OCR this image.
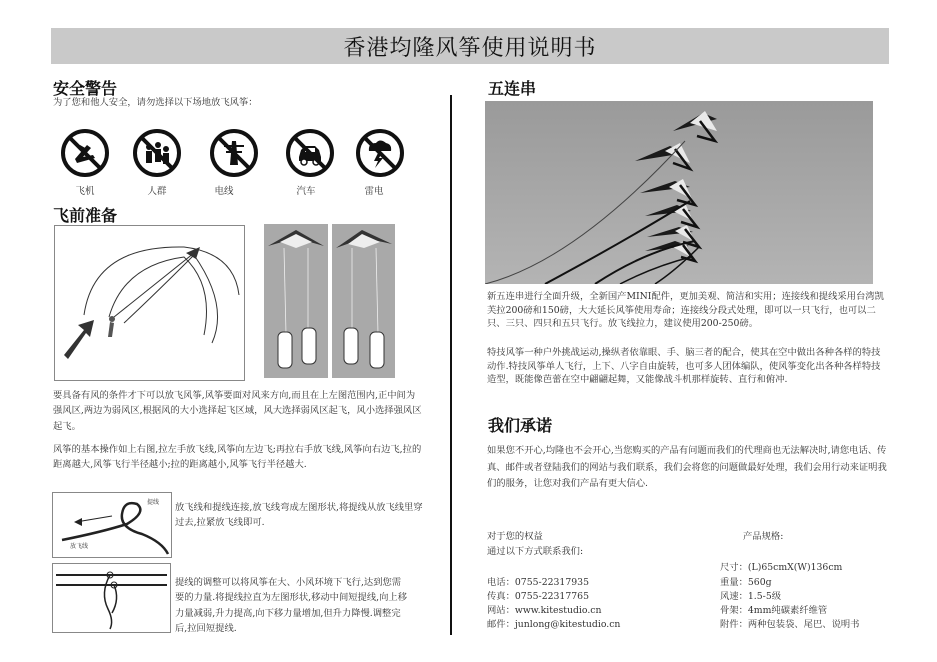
香港均隆风筝使用说明书
安全警告
为了您和他人安全，请勿选择以下场地放飞风筝：
飞机	人群	电线	汽车	雷电
飞前准备
要具备有风的条件才下可以放飞风筝,风筝要面对风来方向,而且在上左图范围内,正中间为强风区,两边为弱风区,根据风的大小选择起飞区域，风大选择弱风区起飞，风小选择强风区起飞。
风筝的基本操作如上右图,拉左手放飞线,风筝向左边飞;再拉右手放飞线,风筝向右边飞,拉的距离越大,风筝飞行半径越小;拉的距离越小,风筝飞行半径越大.
提线
放飞线
放飞线和提线连接,放飞线弯成左图形状,将提线从放飞线里穿过去,拉紧放飞线即可.
提线的调整可以将风筝在大、小风环境下飞行,达到您需要的力量.将提线拉直为左图形状,移动中间短提线,向上移力量减弱,升力提高,向下移力量增加,但升力降慢.调整完后,拉回短提线.
五连串
新五连串进行全面升级，全新国产MINI配件，更加美观、简洁和实用；连接线和提线采用台湾凯芙拉200磅和150磅，大大延长风筝使用寿命；连接线分段式处理，即可以一只飞行，也可以二只、三只、四只和五只飞行。放飞线拉力，建议使用200-250磅。
特技风筝一种户外挑战运动,操纵者依靠眼、手、脑三者的配合，使其在空中做出各种各样的特技动作.特技风筝单人飞行，上下、八字自由旋转，也可多人团体编队，使风筝变化出各种各样特技造型，既能像芭蕾在空中翩翩起舞，又能像战斗机那样旋转、直行和俯冲.
我们承诺
如果您不开心,均隆也不会开心,当您购买的产品有问题而我们的代理商也无法解决时,请您电话、传真、邮件或者登陆我们的网站与我们联系，我们会将您的问题做最好处理，我们会用行动来证明我们的服务，让您对我们产品有更大信心.
对于您的权益
通过以下方式联系我们:
电话：0755-22317935
传真：0755-22317765
网站：www.kitestudio.cn
邮件：junlong@kitestudio.cn
产品规格:
尺寸：(L)65cmX(W)136cm
重量：560g
风速：1.5-5级
骨架：4mm纯碳素纤维管
附件：两种包装袋、尾巴、说明书
